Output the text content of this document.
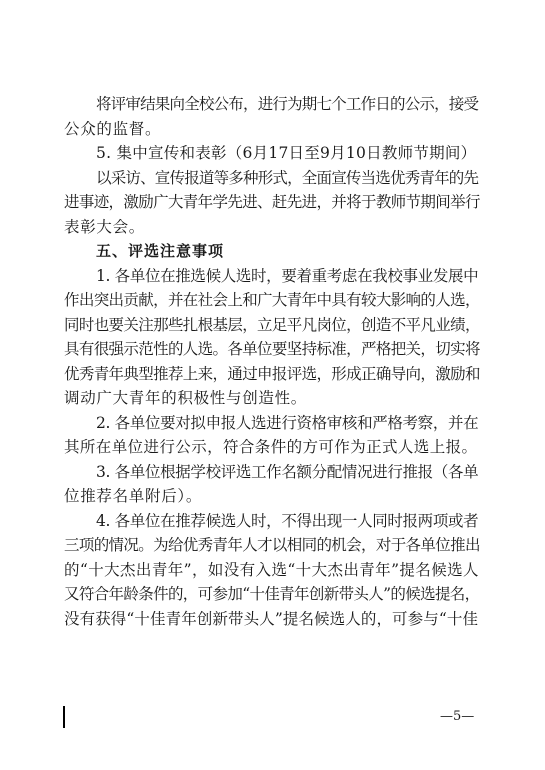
将评审结果向全校公布，进行为期七个工作日的公示，接受
公众的监督。
5. 集中宣传和表彰（6月17日至9月10日教师节期间）
以采访、宣传报道等多种形式，全面宣传当选优秀青年的先
进事迹，激励广大青年学先进、赶先进，并将于教师节期间举行
表彰大会。
五、评选注意事项
1. 各单位在推选候人选时，要着重考虑在我校事业发展中
作出突出贡献，并在社会上和广大青年中具有较大影响的人选，
同时也要关注那些扎根基层，立足平凡岗位，创造不平凡业绩，
具有很强示范性的人选。各单位要坚持标准，严格把关，切实将
优秀青年典型推荐上来，通过申报评选，形成正确导向，激励和
调动广大青年的积极性与创造性。
2. 各单位要对拟申报人选进行资格审核和严格考察，并在
其所在单位进行公示，符合条件的方可作为正式人选上报。
3. 各单位根据学校评选工作名额分配情况进行推报（各单
位推荐名单附后）。
4. 各单位在推荐候选人时，不得出现一人同时报两项或者
三项的情况。为给优秀青年人才以相同的机会，对于各单位推出
的“十大杰出青年”，如没有入选“十大杰出青年”提名候选人
又符合年龄条件的，可参加“十佳青年创新带头人”的候选提名，
没有获得“十佳青年创新带头人”提名候选人的，可参与“十佳
—5—
